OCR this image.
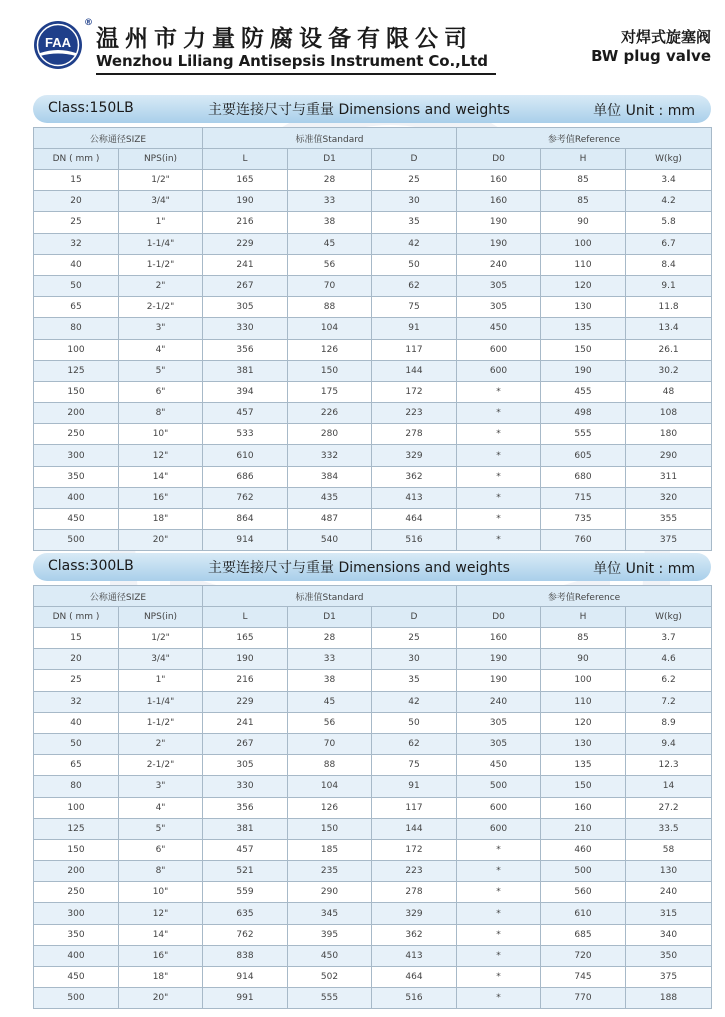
FAA
®
温州市力量防腐设备有限公司
Wenzhou Liliang Antisepsis Instrument Co.,Ltd
对焊式旋塞阀
BW plug valve
Class:150LB	主要连接尺寸与重量 Dimensions and weights	单位 Unit : mm
公称通径SIZE		标准值Standard			参考值Reference		
DN ( mm )	NPS(in)	L	D1	D	D0	H	W(kg)
15	1/2"	165	28	25	160	85	3.4
20	3/4"	190	33	30	160	85	4.2
25	1"	216	38	35	190	90	5.8
32	1-1/4"	229	45	42	190	100	6.7
40	1-1/2"	241	56	50	240	110	8.4
50	2"	267	70	62	305	120	9.1
65	2-1/2"	305	88	75	305	130	11.8
80	3"	330	104	91	450	135	13.4
100	4"	356	126	117	600	150	26.1
125	5"	381	150	144	600	190	30.2
150	6"	394	175	172	*	455	48
200	8"	457	226	223	*	498	108
250	10"	533	280	278	*	555	180
300	12"	610	332	329	*	605	290
350	14"	686	384	362	*	680	311
400	16"	762	435	413	*	715	320
450	18"	864	487	464	*	735	355
500	20"	914	540	516	*	760	375
Class:300LB	主要连接尺寸与重量 Dimensions and weights	单位 Unit : mm
公称通径SIZE		标准值Standard			参考值Reference		
DN ( mm )	NPS(in)	L	D1	D	D0	H	W(kg)
15	1/2"	165	28	25	160	85	3.7
20	3/4"	190	33	30	190	90	4.6
25	1"	216	38	35	190	100	6.2
32	1-1/4"	229	45	42	240	110	7.2
40	1-1/2"	241	56	50	305	120	8.9
50	2"	267	70	62	305	130	9.4
65	2-1/2"	305	88	75	450	135	12.3
80	3"	330	104	91	500	150	14
100	4"	356	126	117	600	160	27.2
125	5"	381	150	144	600	210	33.5
150	6"	457	185	172	*	460	58
200	8"	521	235	223	*	500	130
250	10"	559	290	278	*	560	240
300	12"	635	345	329	*	610	315
350	14"	762	395	362	*	685	340
400	16"	838	450	413	*	720	350
450	18"	914	502	464	*	745	375
500	20"	991	555	516	*	770	188
